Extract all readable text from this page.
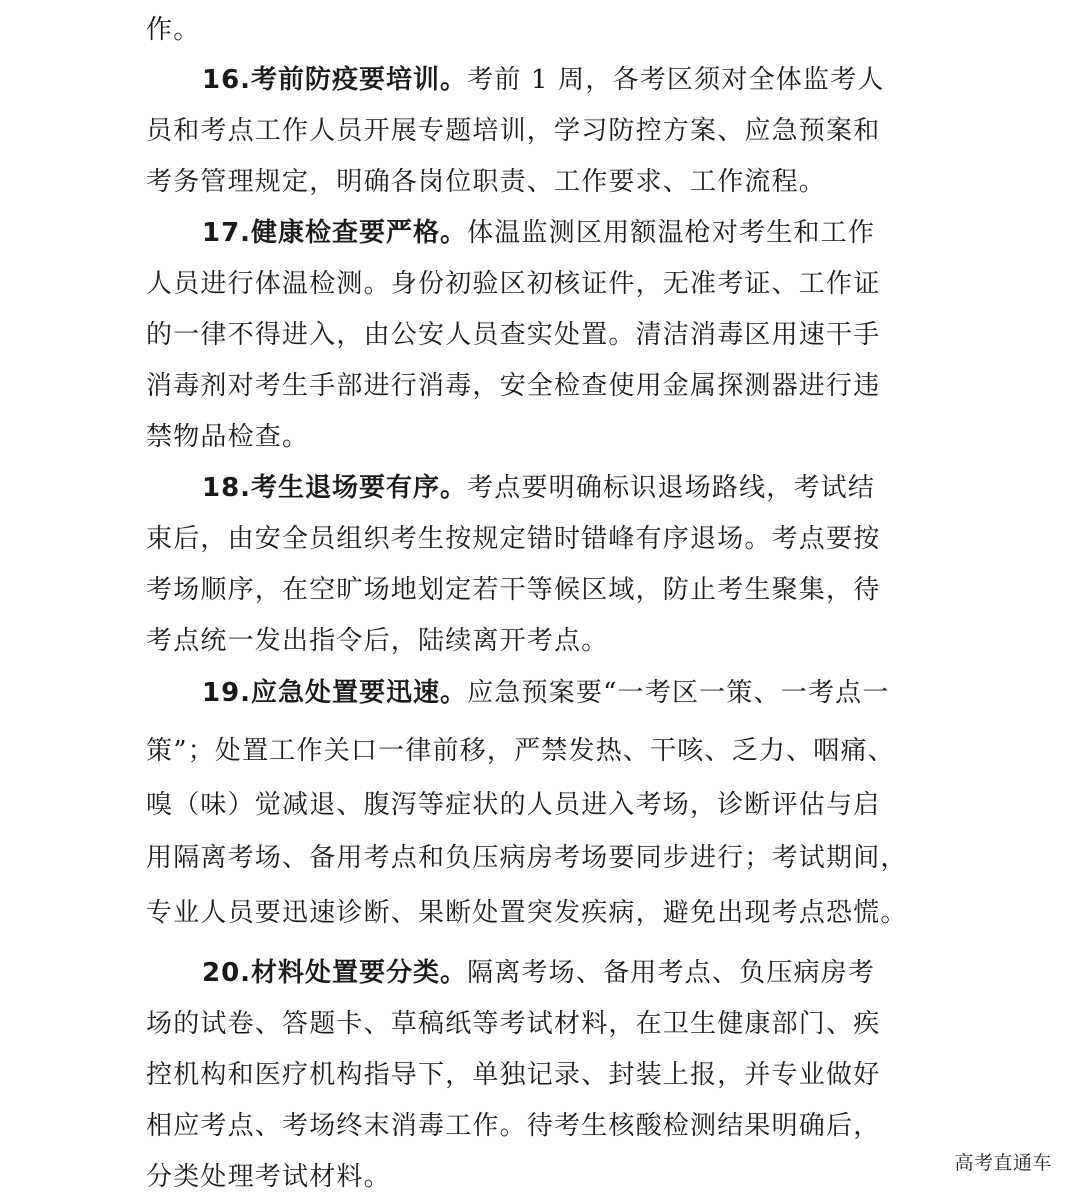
作。
16.考前防疫要培训。考前 1 周，各考区须对全体监考人
员和考点工作人员开展专题培训，学习防控方案、应急预案和
考务管理规定，明确各岗位职责、工作要求、工作流程。
17.健康检查要严格。体温监测区用额温枪对考生和工作
人员进行体温检测。身份初验区初核证件，无准考证、工作证
的一律不得进入，由公安人员查实处置。清洁消毒区用速干手
消毒剂对考生手部进行消毒，安全检查使用金属探测器进行违
禁物品检查。
18.考生退场要有序。考点要明确标识退场路线，考试结
束后，由安全员组织考生按规定错时错峰有序退场。考点要按
考场顺序，在空旷场地划定若干等候区域，防止考生聚集，待
考点统一发出指令后，陆续离开考点。
19.应急处置要迅速。应急预案要“一考区一策、一考点一
策”；处置工作关口一律前移，严禁发热、干咳、乏力、咽痛、
嗅（味）觉减退、腹泻等症状的人员进入考场，诊断评估与启
用隔离考场、备用考点和负压病房考场要同步进行；考试期间，
专业人员要迅速诊断、果断处置突发疾病，避免出现考点恐慌。
20.材料处置要分类。隔离考场、备用考点、负压病房考
场的试卷、答题卡、草稿纸等考试材料，在卫生健康部门、疾
控机构和医疗机构指导下，单独记录、封装上报，并专业做好
相应考点、考场终末消毒工作。待考生核酸检测结果明确后，
分类处理考试材料。	高考直通车
